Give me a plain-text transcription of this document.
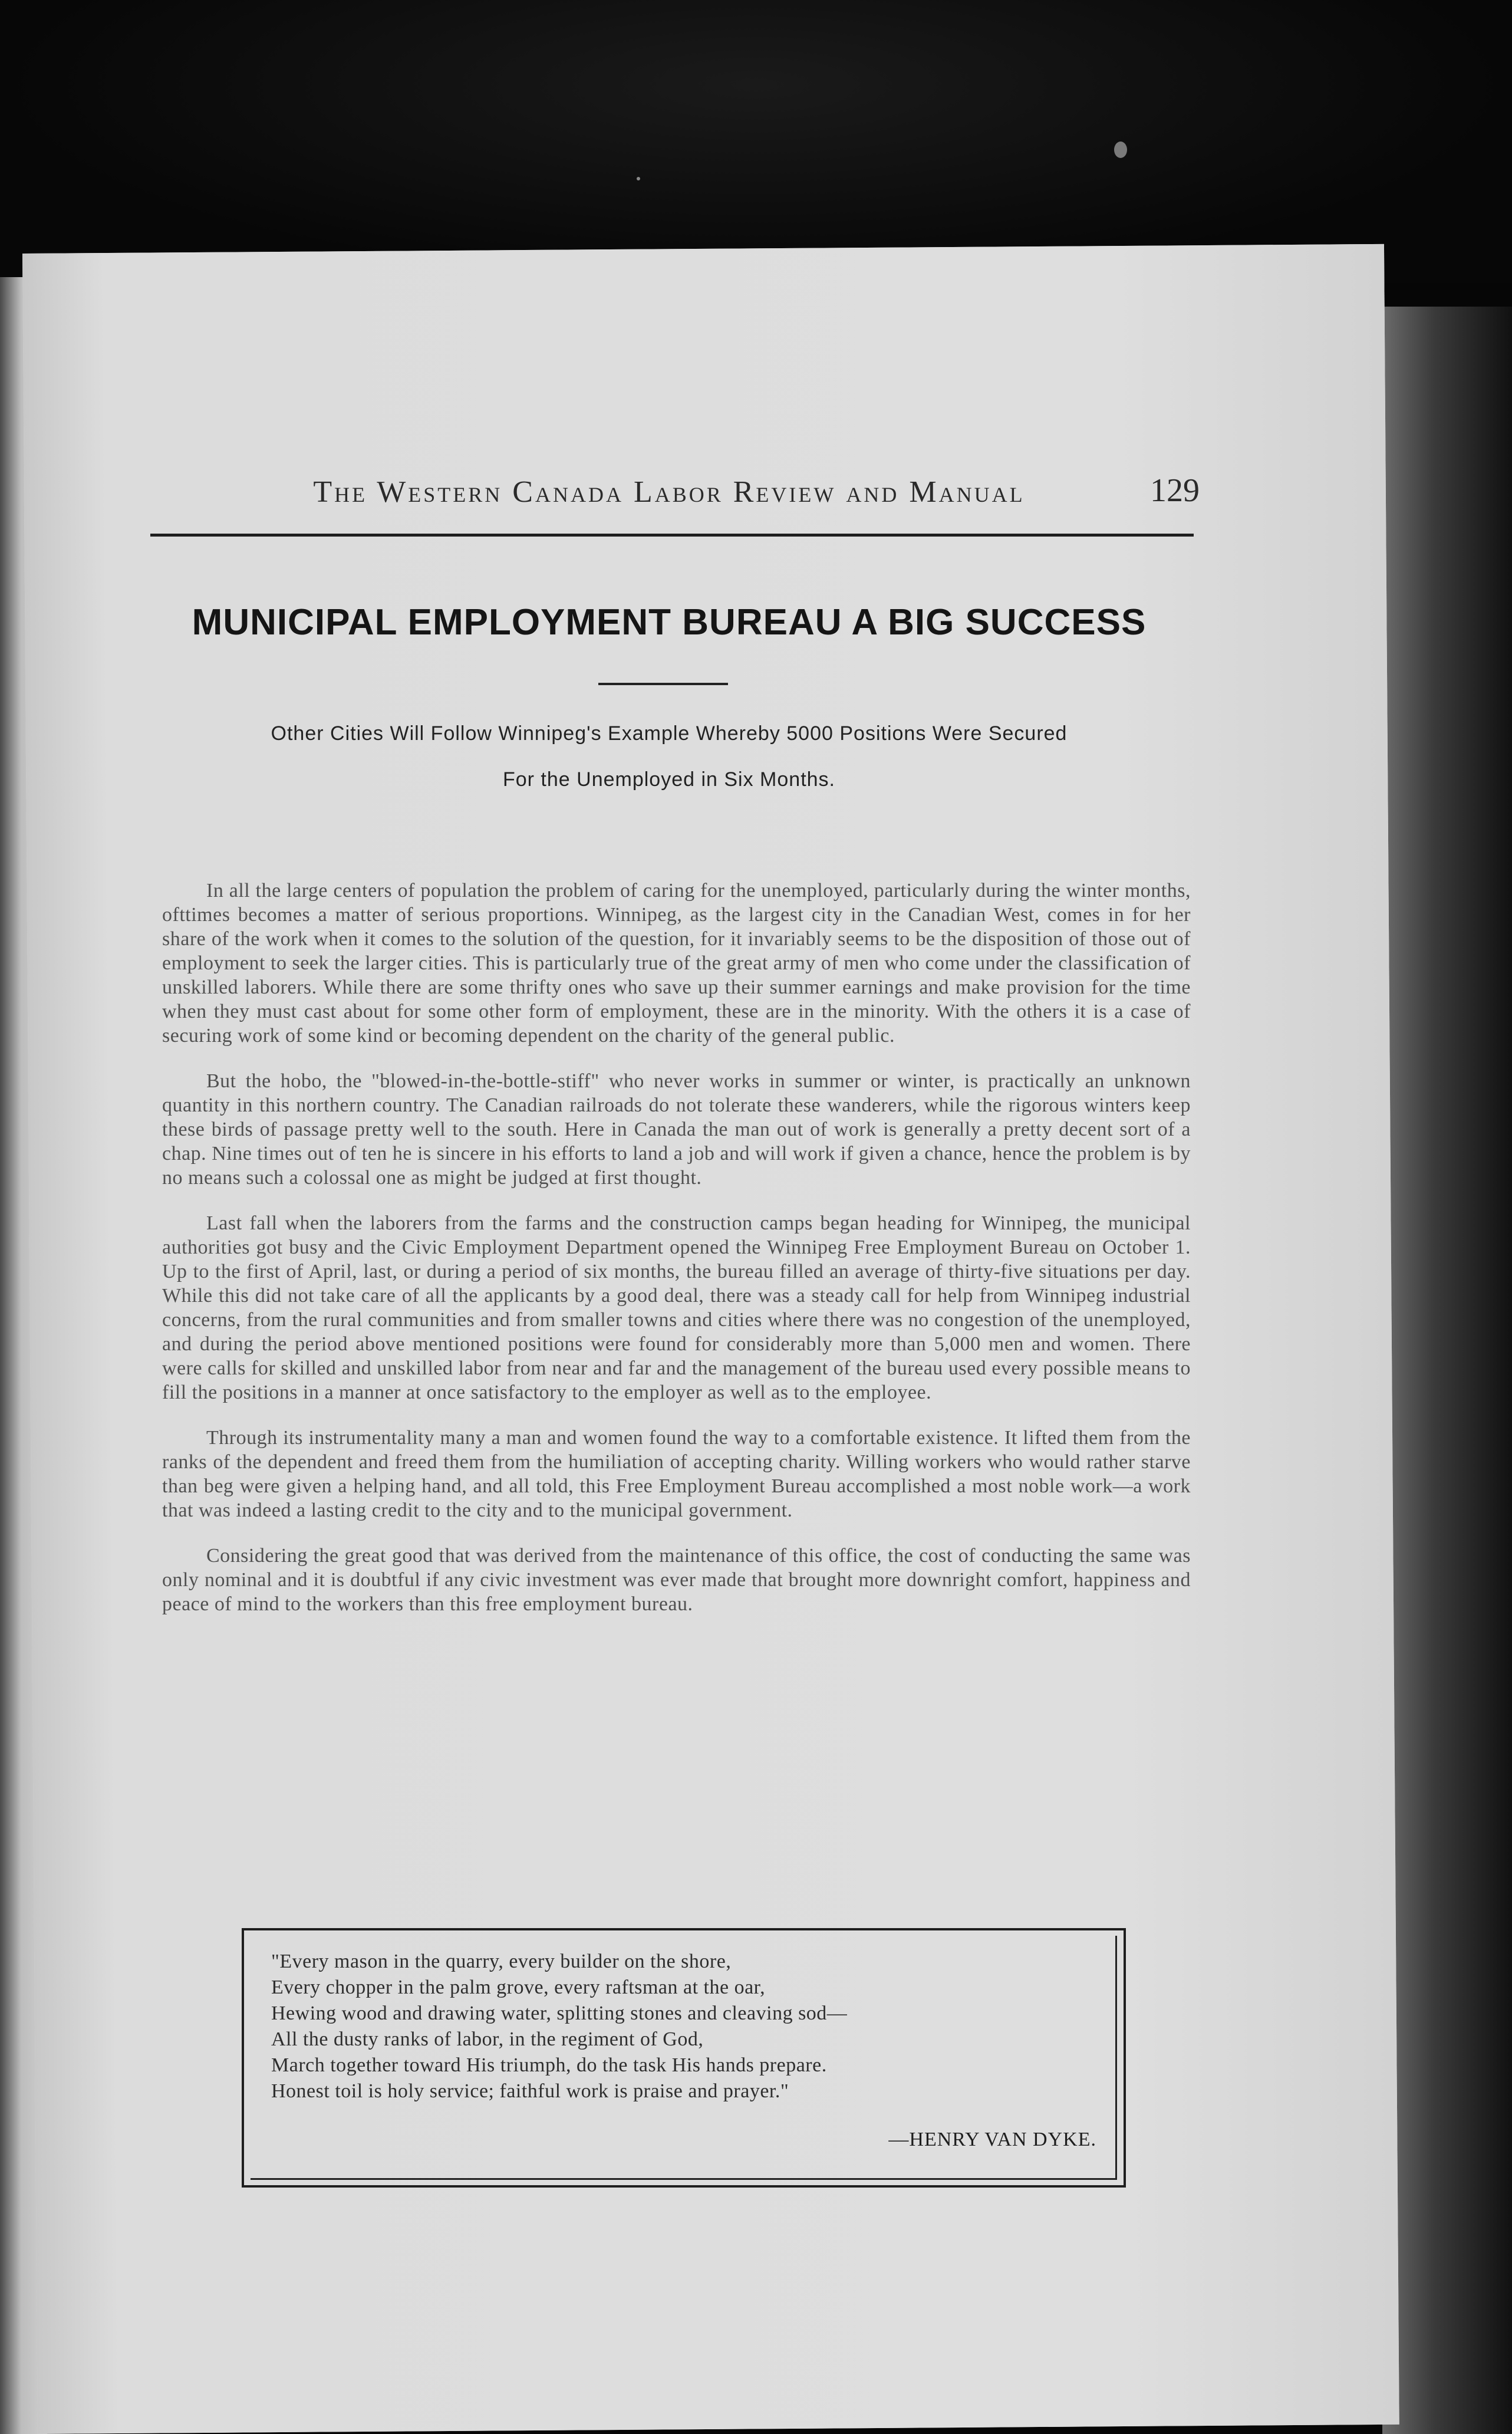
The Western Canada Labor Review and Manual	129
MUNICIPAL EMPLOYMENT BUREAU A BIG SUCCESS
Other Cities Will Follow Winnipeg's Example Whereby 5000 Positions Were Secured
For the Unemployed in Six Months.

In all the large centers of population the problem of caring for the unemployed, particularly during the winter months, ofttimes becomes a matter of serious proportions. Winnipeg, as the largest city in the Canadian West, comes in for her share of the work when it comes to the solution of the question, for it invariably seems to be the disposition of those out of employment to seek the larger cities. This is particularly true of the great army of men who come under the classification of unskilled laborers. While there are some thrifty ones who save up their summer earnings and make provision for the time when they must cast about for some other form of employment, these are in the minority. With the others it is a case of securing work of some kind or becoming dependent on the charity of the general public.

But the hobo, the "blowed-in-the-bottle-stiff" who never works in summer or winter, is practically an unknown quantity in this northern country. The Canadian railroads do not tolerate these wanderers, while the rigorous winters keep these birds of passage pretty well to the south. Here in Canada the man out of work is generally a pretty decent sort of a chap. Nine times out of ten he is sincere in his efforts to land a job and will work if given a chance, hence the problem is by no means such a colossal one as might be judged at first thought.

Last fall when the laborers from the farms and the construction camps began heading for Winnipeg, the municipal authorities got busy and the Civic Employment Department opened the Winnipeg Free Employment Bureau on October 1. Up to the first of April, last, or during a period of six months, the bureau filled an average of thirty-five situations per day. While this did not take care of all the applicants by a good deal, there was a steady call for help from Winnipeg industrial concerns, from the rural communities and from smaller towns and cities where there was no congestion of the unemployed, and during the period above mentioned positions were found for considerably more than 5,000 men and women. There were calls for skilled and unskilled labor from near and far and the management of the bureau used every possible means to fill the positions in a manner at once satisfactory to the employer as well as to the employee.

Through its instrumentality many a man and women found the way to a comfortable existence. It lifted them from the ranks of the dependent and freed them from the humiliation of accepting charity. Willing workers who would rather starve than beg were given a helping hand, and all told, this Free Employment Bureau accomplished a most noble work—a work that was indeed a lasting credit to the city and to the municipal government.

Considering the great good that was derived from the maintenance of this office, the cost of conducting the same was only nominal and it is doubtful if any civic investment was ever made that brought more downright comfort, happiness and peace of mind to the workers than this free employment bureau.

"Every mason in the quarry, every builder on the shore,
Every chopper in the palm grove, every raftsman at the oar,
Hewing wood and drawing water, splitting stones and cleaving sod—
All the dusty ranks of labor, in the regiment of God,
March together toward His triumph, do the task His hands prepare.
Honest toil is holy service; faithful work is praise and prayer."
—HENRY VAN DYKE.
